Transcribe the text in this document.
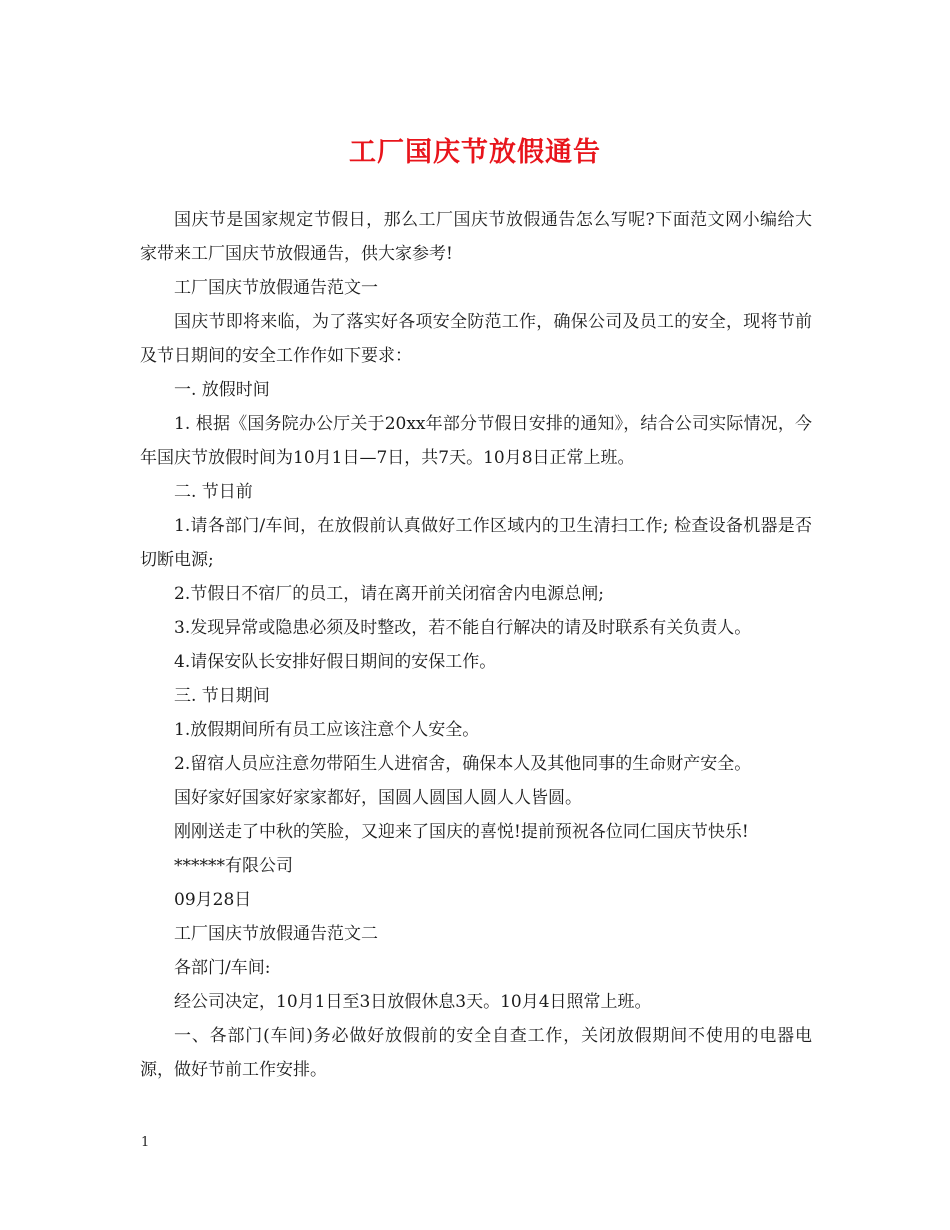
工厂国庆节放假通告

国庆节是国家规定节假日，那么工厂国庆节放假通告怎么写呢?下面范文网小编给大家带来工厂国庆节放假通告，供大家参考!

工厂国庆节放假通告范文一

国庆节即将来临，为了落实好各项安全防范工作，确保公司及员工的安全，现将节前及节日期间的安全工作作如下要求：

一. 放假时间

1. 根据《国务院办公厅关于20xx年部分节假日安排的通知》，结合公司实际情况，今年国庆节放假时间为10月1日—7日，共7天。10月8日正常上班。

二. 节日前

1.请各部门/车间，在放假前认真做好工作区域内的卫生清扫工作; 检查设备机器是否切断电源;

2.节假日不宿厂的员工，请在离开前关闭宿舍内电源总闸;

3.发现异常或隐患必须及时整改，若不能自行解决的请及时联系有关负责人。

4.请保安队长安排好假日期间的安保工作。

三. 节日期间

1.放假期间所有员工应该注意个人安全。

2.留宿人员应注意勿带陌生人进宿舍，确保本人及其他同事的生命财产安全。

国好家好国家好家家都好，国圆人圆国人圆人人皆圆。

刚刚送走了中秋的笑脸，又迎来了国庆的喜悦!提前预祝各位同仁国庆节快乐!

******有限公司

09月28日

工厂国庆节放假通告范文二

各部门/车间:

经公司决定，10月1日至3日放假休息3天。10月4日照常上班。

一、各部门(车间)务必做好放假前的安全自查工作，关闭放假期间不使用的电器电源，做好节前工作安排。

1
